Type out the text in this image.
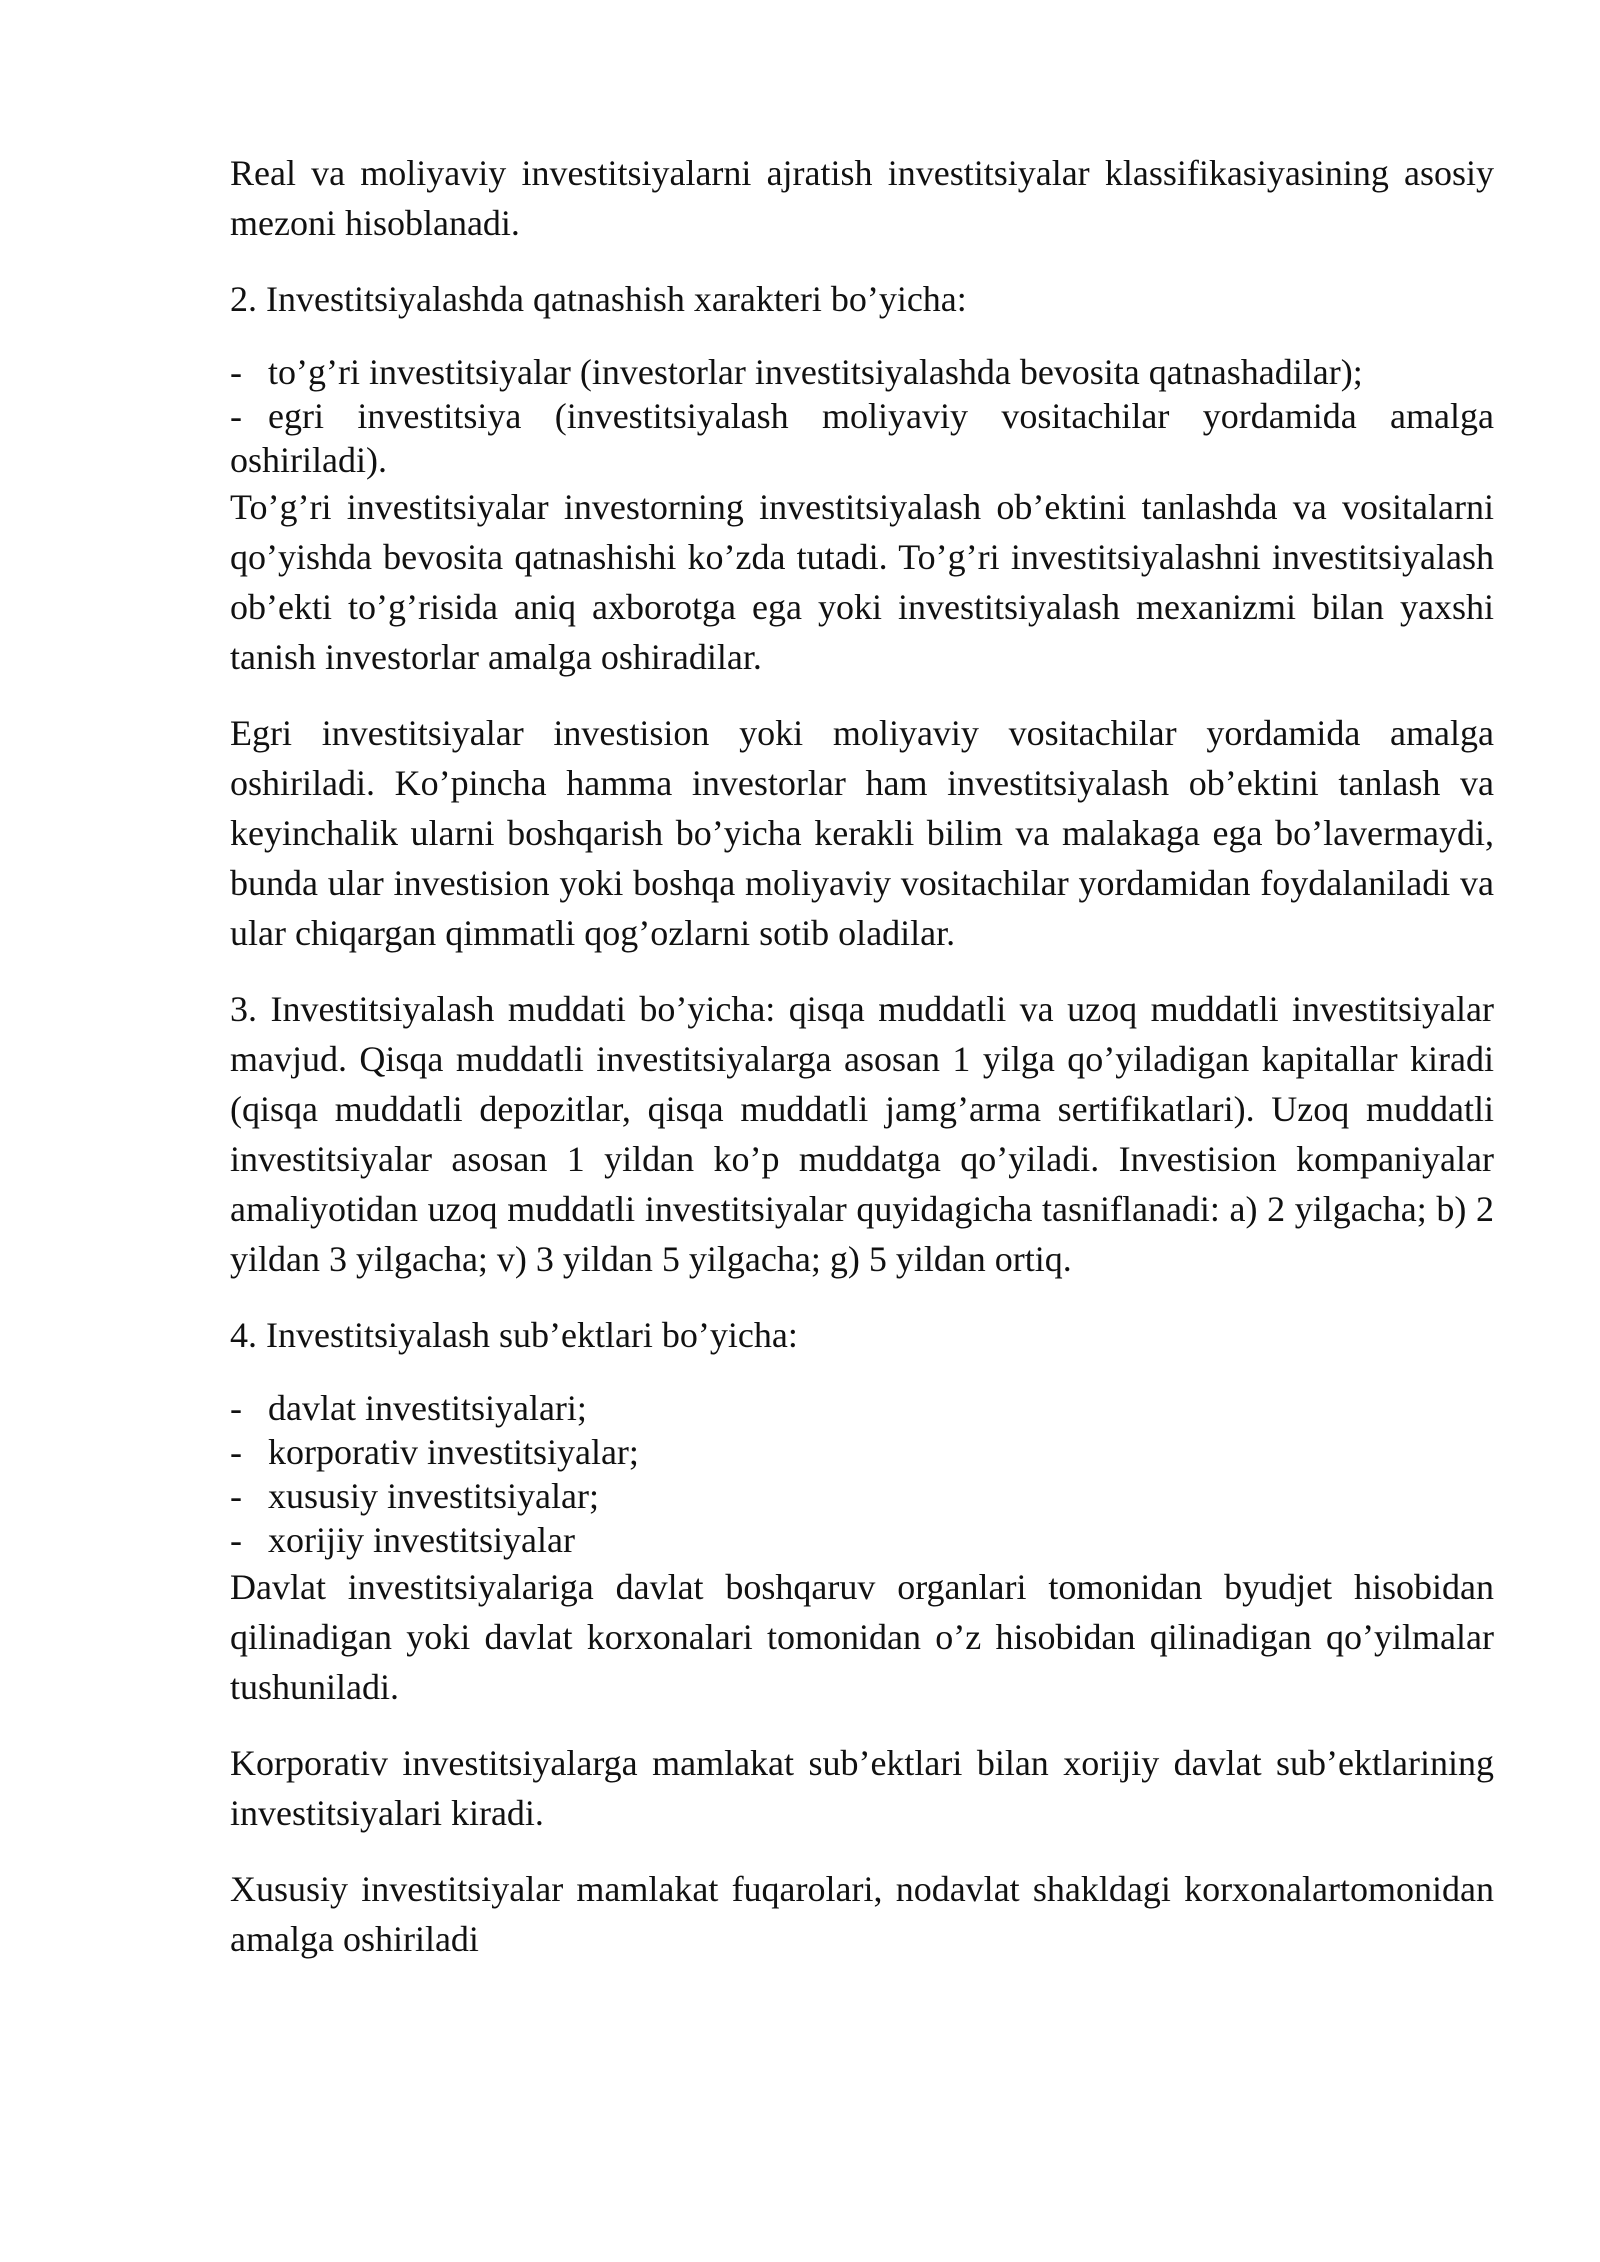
Real va moliyaviy investitsiyalarni ajratish investitsiyalar klassifikasiyasining asosiy mezoni hisoblanadi.

2. Investitsiyalashda qatnashish xarakteri bo’yicha:

- to’g’ri investitsiyalar (investorlar investitsiyalashda bevosita qatnashadilar);
- egri investitsiya (investitsiyalash moliyaviy vositachilar yordamida amalga oshiriladi).

To’g’ri investitsiyalar investorning investitsiyalash ob’ektini tanlashda va vositalarni qo’yishda bevosita qatnashishi ko’zda tutadi. To’g’ri investitsiyalashni investitsiyalash ob’ekti to’g’risida aniq axborotga ega yoki investitsiyalash mexanizmi bilan yaxshi tanish investorlar amalga oshiradilar.

Egri investitsiyalar investision yoki moliyaviy vositachilar yordamida amalga oshiriladi. Ko’pincha hamma investorlar ham investitsiyalash ob’ektini tanlash va keyinchalik ularni boshqarish bo’yicha kerakli bilim va malakaga ega bo’lavermaydi, bunda ular investision yoki boshqa moliyaviy vositachilar yordamidan foydalaniladi va ular chiqargan qimmatli qog’ozlarni sotib oladilar.

3. Investitsiyalash muddati bo’yicha: qisqa muddatli va uzoq muddatli investitsiyalar mavjud. Qisqa muddatli investitsiyalarga asosan 1 yilga qo’yiladigan kapitallar kiradi (qisqa muddatli depozitlar, qisqa muddatli jamg’arma sertifikatlari). Uzoq muddatli investitsiyalar asosan 1 yildan ko’p muddatga qo’yiladi. Investision kompaniyalar amaliyotidan uzoq muddatli investitsiyalar quyidagicha tasniflanadi: a) 2 yilgacha; b) 2 yildan 3 yilgacha; v) 3 yildan 5 yilgacha; g) 5 yildan ortiq.

4. Investitsiyalash sub’ektlari bo’yicha:

- davlat investitsiyalari;
- korporativ investitsiyalar;
- xususiy investitsiyalar;
- xorijiy investitsiyalar

Davlat investitsiyalariga davlat boshqaruv organlari tomonidan byudjet hisobidan qilinadigan yoki davlat korxonalari tomonidan o’z hisobidan qilinadigan qo’yilmalar tushuniladi.

Korporativ investitsiyalarga mamlakat sub’ektlari bilan xorijiy davlat sub’ektlarining investitsiyalari kiradi.

Xususiy investitsiyalar mamlakat fuqarolari, nodavlat shakldagi korxonalartomonidan amalga oshiriladi
